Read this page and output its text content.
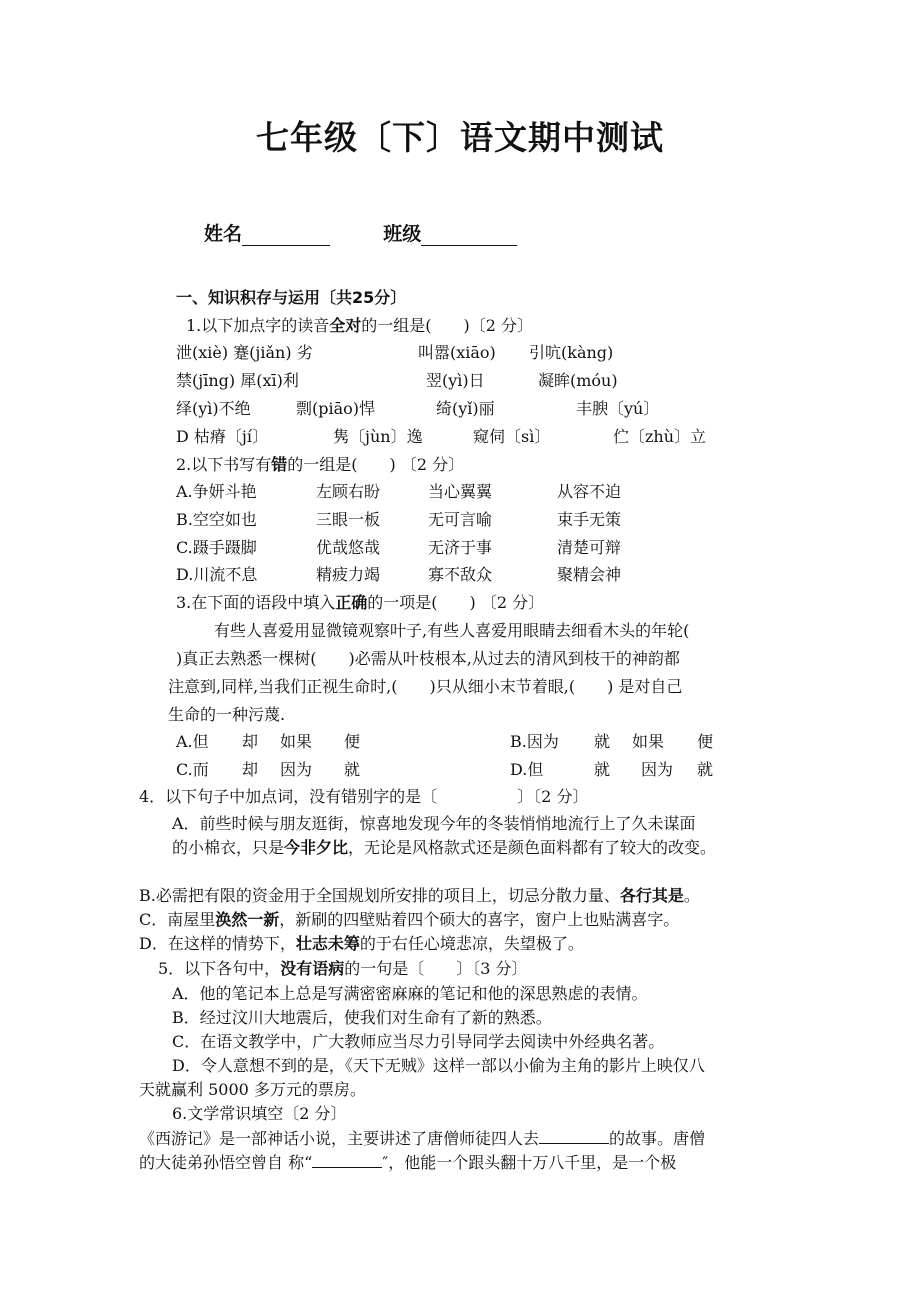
七年级〔下〕语文期中测试
姓名	班级
一、知识积存与运用〔共25分〕
1.以下加点字的读音全对的一组是(　　)〔2 分〕
泄(xiè) 蹇(jiǎn) 劣	叫嚣(xiāo) 引吭(kàng)
禁(jīng) 犀(xī)利	翌(yì)日	凝眸(móu)
绎(yì)不绝	剽(piāo)悍	绮(yǐ)丽	丰腴〔yú〕
D 枯瘠〔jí〕	隽〔jùn〕逸	窥伺〔sì〕	伫〔zhù〕立
2.以下书写有错的一组是(　　) 〔2 分〕
A.争妍斗艳	左顾右盼	当心翼翼	从容不迫
B.空空如也	三眼一板	无可言喻	束手无策
C.蹑手蹑脚	优哉悠哉	无济于事	清楚可辩
D.川流不息	精疲力竭	寡不敌众	聚精会神
3.在下面的语段中填入正确的一项是(　　) 〔2 分〕
有些人喜爱用显微镜观察叶子,有些人喜爱用眼睛去细看木头的年轮(
)真正去熟悉一棵树(　　)必需从叶枝根本,从过去的清风到枝干的神韵都
注意到,同样,当我们正视生命时,(　　)只从细小末节着眼,(　　) 是对自己
生命的一种污蔑.
A.但 却 如果 便	B.因为 就 如果 便
C.而 却 因为 就	D.但	就 因为 就
4．以下句子中加点词，没有错别字的是〔　　　　　〕〔2 分〕
A．前些时候与朋友逛街，惊喜地发现今年的冬装悄悄地流行上了久未谋面
的小棉衣，只是今非夕比，无论是风格款式还是颜色面料都有了较大的改变。
B.必需把有限的资金用于全国规划所安排的项目上，切忌分散力量、各行其是。
C．南屋里涣然一新，新刷的四壁贴着四个硕大的喜字，窗户上也贴满喜字。
D．在这样的情势下，壮志未筹的于右任心境悲凉，失望极了。
5．以下各句中，没有语病的一句是〔　　〕〔3 分〕
A．他的笔记本上总是写满密密麻麻的笔记和他的深思熟虑的表情。
B．经过汶川大地震后，使我们对生命有了新的熟悉。
C．在语文教学中，广大教师应当尽力引导同学去阅读中外经典名著。
D．令人意想不到的是，《天下无贼》这样一部以小偷为主角的影片上映仅八
天就赢利 5000 多万元的票房。
6.文学常识填空〔2 分〕
《西游记》是一部神话小说，主要讲述了唐僧师徒四人去	的故事。唐僧
的大徒弟孙悟空曾自 称“	″，他能一个跟头翻十万八千里，是一个极
